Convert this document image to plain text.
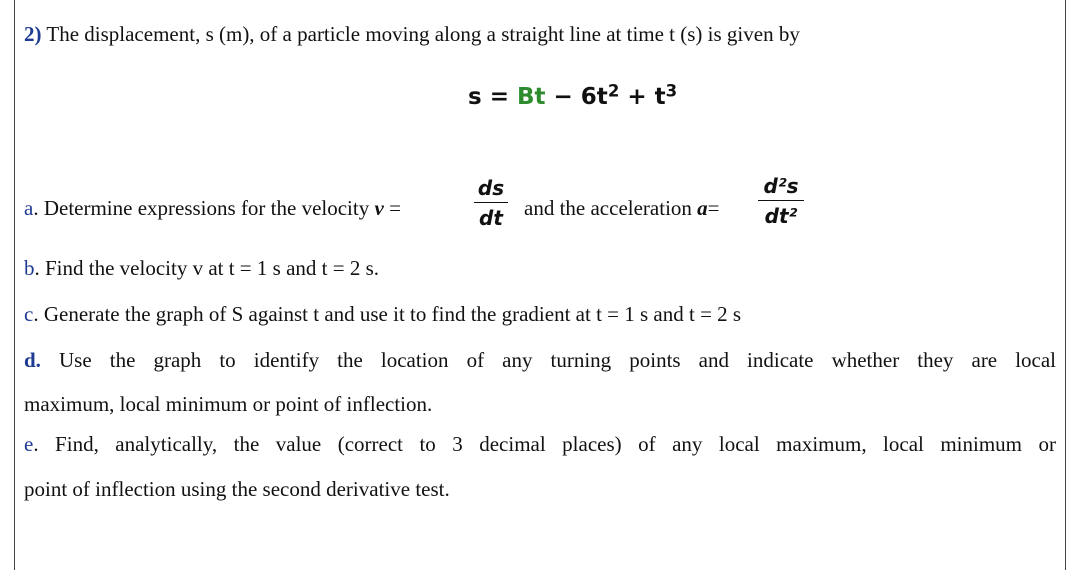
2) The displacement, s (m), of a particle moving along a straight line at time t (s) is given by
$s = Bt - 6t^2 + t^3$
a. Determine expressions for the velocity v =
ds
dt and the acceleration a=
d²s
dt²
b. Find the velocity v at t = 1 s and t = 2 s.
c. Generate the graph of S against t and use it to find the gradient at t = 1 s and t = 2 s
d. Use the graph to identify the location of any turning points and indicate whether they are local
maximum, local minimum or point of inflection.
e. Find, analytically, the value (correct to 3 decimal places) of any local maximum, local minimum or
point of inflection using the second derivative test.
